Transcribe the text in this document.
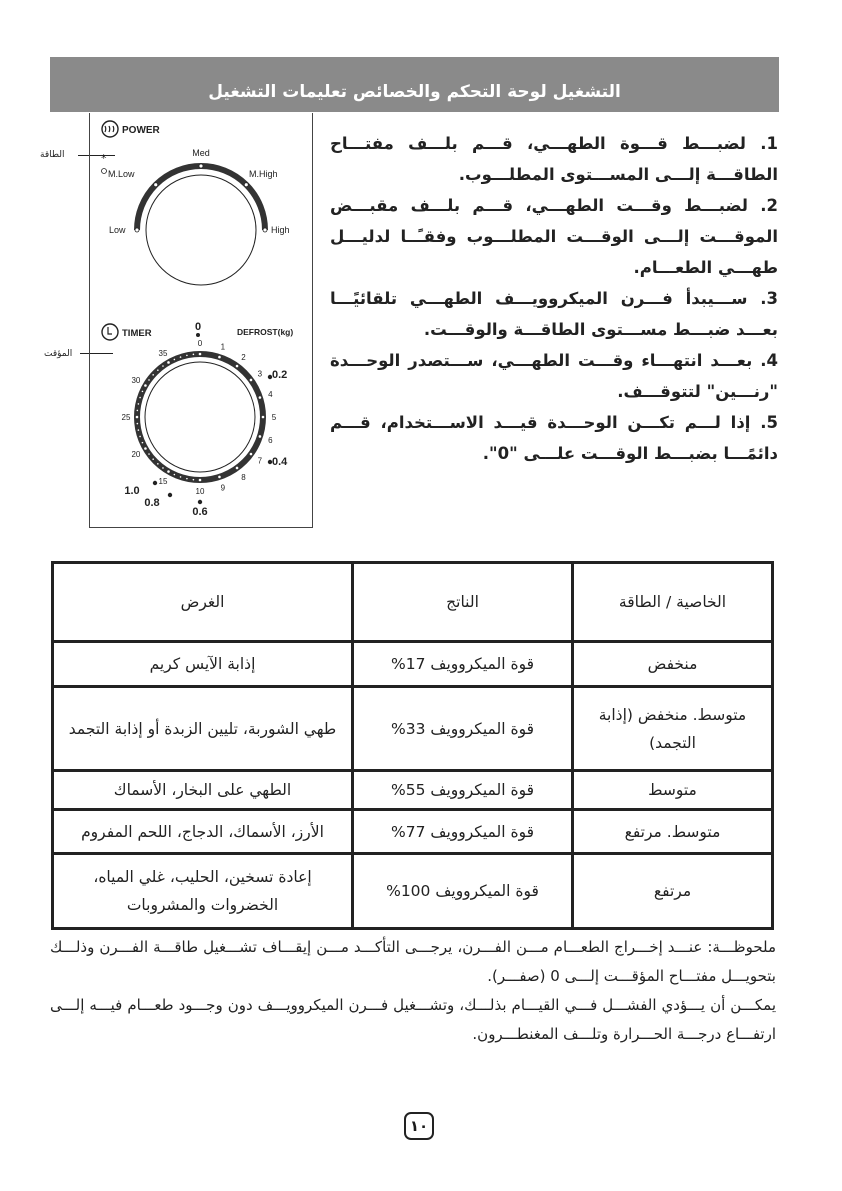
التشغيل لوحة التحكم والخصائص تعليمات التشغيل
الطاقة
المؤقت
POWER
*
Low
M.Low
Med
M.High
High
TIMER	DEFROST(kg)
0
0 1
2
3
4
5
6
7
8
9
10
15
20
25
30
35
0.2
0.4
0.6
0.8
1.0

1. لضبـــط قـــوة الطهـــي، قـــم بلـــف مفتـــاح الطاقـــة إلـــى المســـتوى المطلـــوب.

2. لضبـــط وقـــت الطهـــي، قـــم بلـــف مقبـــض الموقـــت إلـــى الوقـــت المطلـــوب وفقـًــا لدليـــل طهـــي الطعـــام.

3. ســـيبدأ فـــرن الميكروويـــف الطهـــي تلقائيًـــا بعـــد ضبـــط مســـتوى الطاقـــة والوقـــت.

4. بعـــد انتهـــاء وقـــت الطهـــي، ســـتصدر الوحـــدة "رنـــين" لتتوقـــف.

5. إذا لـــم تكـــن الوحـــدة قيـــد الاســـتخدام، قـــم دائمًـــا بضبـــط الوقـــت علـــى "0".

الخاصية / الطاقة	الناتج	الغرض
منخفض	قوة الميكروويف 17%	إذابة الآيس كريم
متوسط. منخفض (إذابة التجمد)	قوة الميكروويف 33%	طهي الشوربة، تليين الزبدة أو إذابة التجمد
متوسط	قوة الميكروويف 55%	الطهي على البخار، الأسماك
متوسط. مرتفع	قوة الميكروويف 77%	الأرز، الأسماك، الدجاج، اللحم المفروم
مرتفع	قوة الميكروويف 100%	إعادة تسخين، الحليب، غلي المياه، الخضروات والمشروبات

ملحوظـــة: عنـــد إخـــراج الطعـــام مـــن الفـــرن، يرجـــى التأكـــد مـــن إيقـــاف تشـــغيل طاقـــة الفـــرن وذلـــك بتحويـــل مفتـــاح المؤقـــت إلـــى 0 (صفـــر).

يمكـــن أن يـــؤدي الفشـــل فـــي القيـــام بذلـــك، وتشـــغيل فـــرن الميكروويـــف دون وجـــود طعـــام فيـــه إلـــى ارتفـــاع درجـــة الحـــرارة وتلـــف المغنطـــرون.

١٠
